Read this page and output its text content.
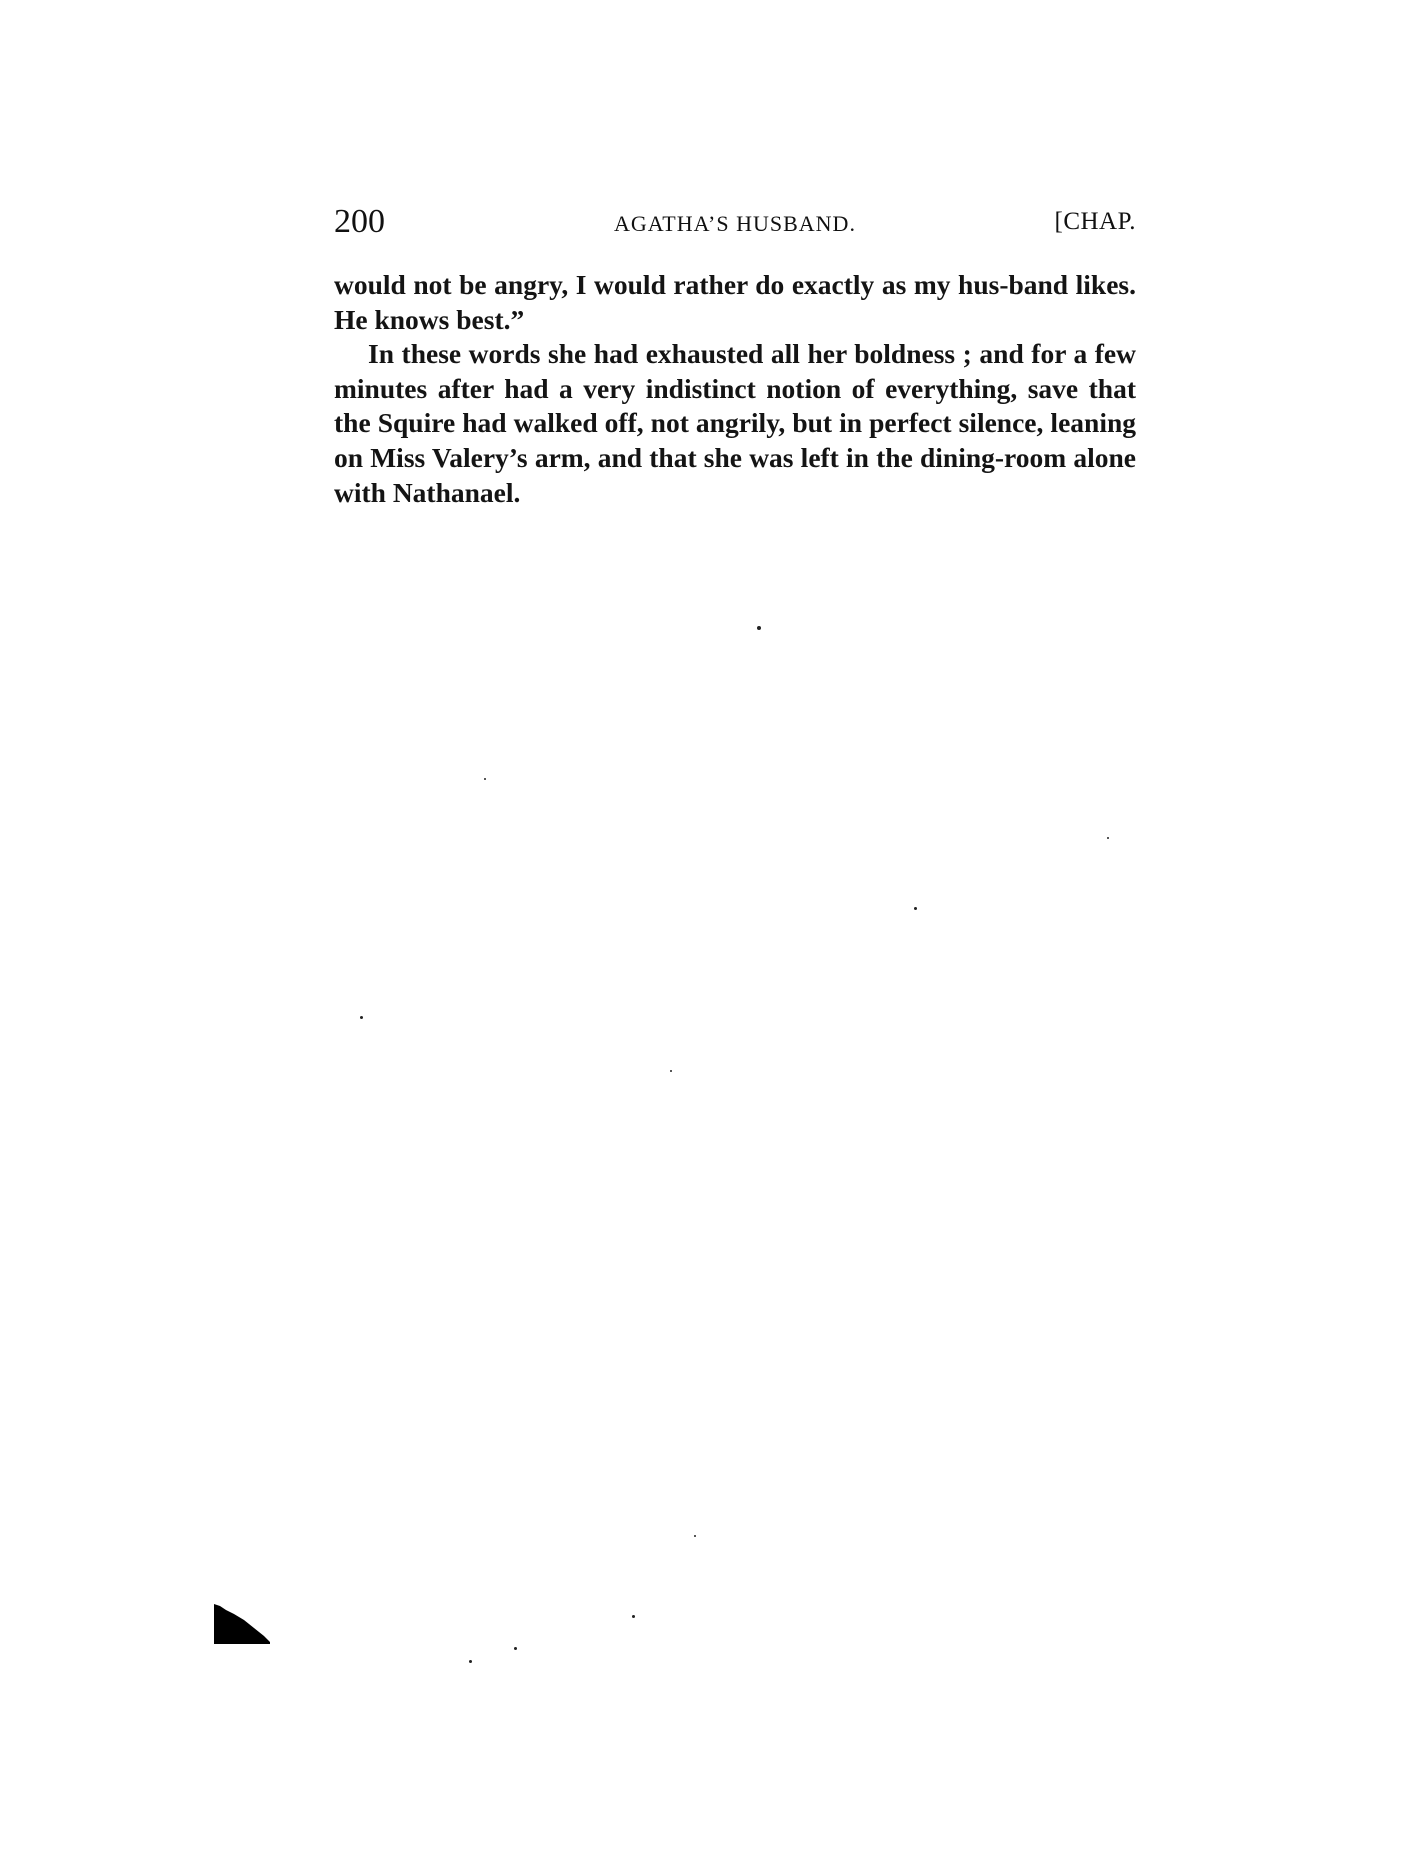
200	AGATHA’S HUSBAND.	[CHAP.

would not be angry, I would rather do exactly as my hus-band likes. He knows best.”

In these words she had exhausted all her boldness ; and for a few minutes after had a very indistinct notion of everything, save that the Squire had walked off, not angrily, but in perfect silence, leaning on Miss Valery’s arm, and that she was left in the dining-room alone with Nathanael.
